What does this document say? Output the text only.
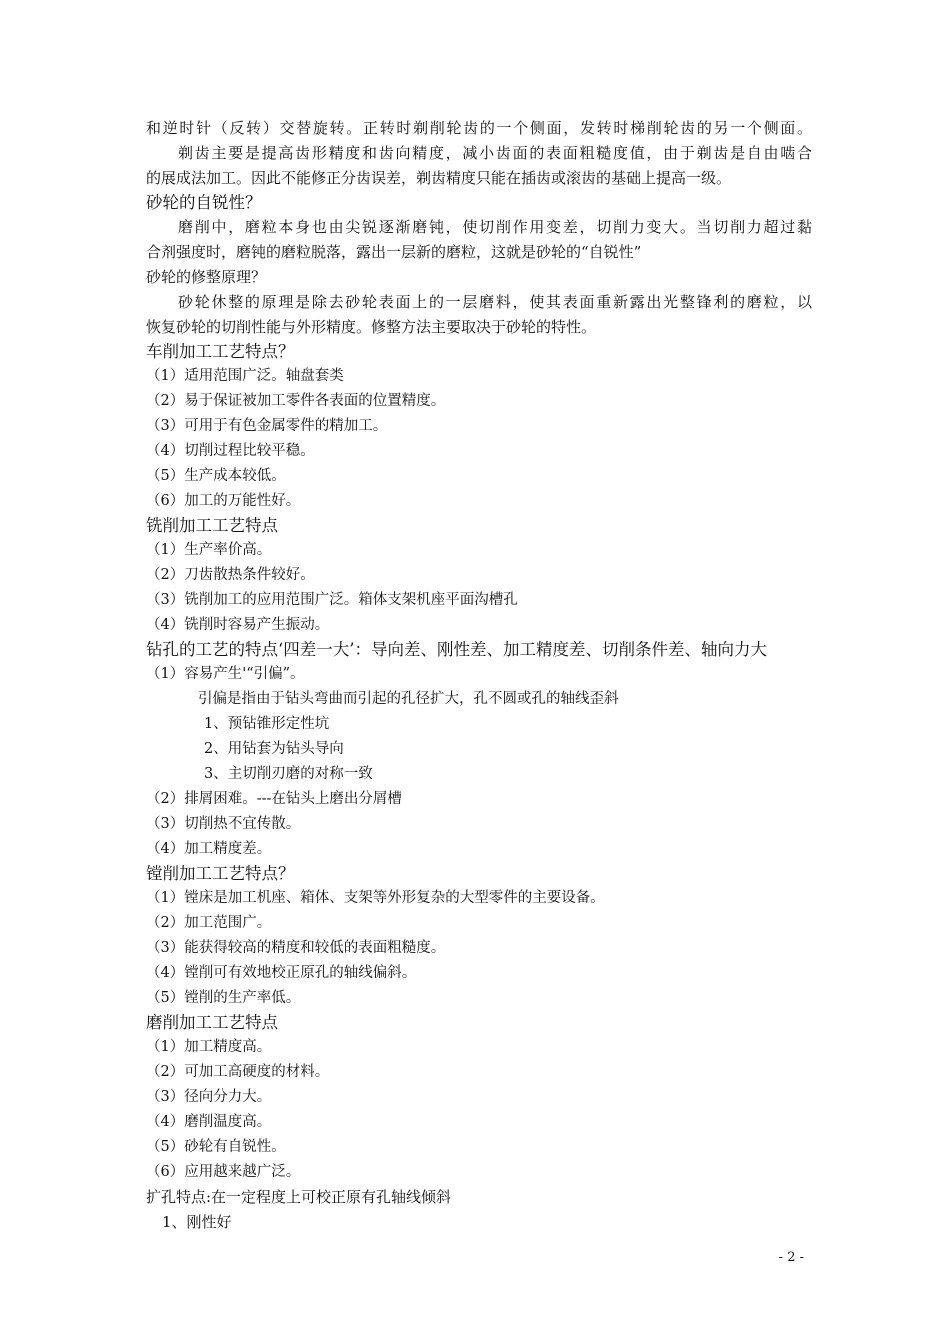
和逆时针（反转）交替旋转。正转时剃削轮齿的一个侧面，发转时梯削轮齿的另一个侧面。

剃齿主要是提高齿形精度和齿向精度，减小齿面的表面粗糙度值，由于剃齿是自由啮合

的展成法加工。因此不能修正分齿误差，剃齿精度只能在插齿或滚齿的基础上提高一级。

砂轮的自锐性？

磨削中，磨粒本身也由尖锐逐渐磨钝，使切削作用变差，切削力变大。当切削力超过黏

合剂强度时，磨钝的磨粒脱落，露出一层新的磨粒，这就是砂轮的“自锐性”

砂轮的修整原理？

砂轮休整的原理是除去砂轮表面上的一层磨料，使其表面重新露出光整锋利的磨粒，以

恢复砂轮的切削性能与外形精度。修整方法主要取决于砂轮的特性。

车削加工工艺特点？

（1）适用范围广泛。轴盘套类

（2）易于保证被加工零件各表面的位置精度。

（3）可用于有色金属零件的精加工。

（4）切削过程比较平稳。

（5）生产成本较低。

（6）加工的万能性好。

铣削加工工艺特点

（1）生产率价高。

（2）刀齿散热条件较好。

（3）铣削加工的应用范围广泛。箱体支架机座平面沟槽孔

（4）铣削时容易产生振动。

钻孔的工艺的特点‘四差一大’：导向差、刚性差、加工精度差、切削条件差、轴向力大

（1）容易产生'“引偏”。

引偏是指由于钻头弯曲而引起的孔径扩大，孔不圆或孔的轴线歪斜

1、预钻锥形定性坑

2、用钻套为钻头导向

3、主切削刃磨的对称一致

（2）排屑困难。---在钻头上磨出分屑槽

（3）切削热不宜传散。

（4）加工精度差。

镗削加工工艺特点？

（1）镗床是加工机座、箱体、支架等外形复杂的大型零件的主要设备。

（2）加工范围广。

（3）能获得较高的精度和较低的表面粗糙度。

（4）镗削可有效地校正原孔的轴线偏斜。

（5）镗削的生产率低。

磨削加工工艺特点

（1）加工精度高。

（2）可加工高硬度的材料。

（3）径向分力大。

（4）磨削温度高。

（5）砂轮有自锐性。

（6）应用越来越广泛。

扩孔特点:在一定程度上可校正原有孔轴线倾斜

1、刚性好

- 2 -
